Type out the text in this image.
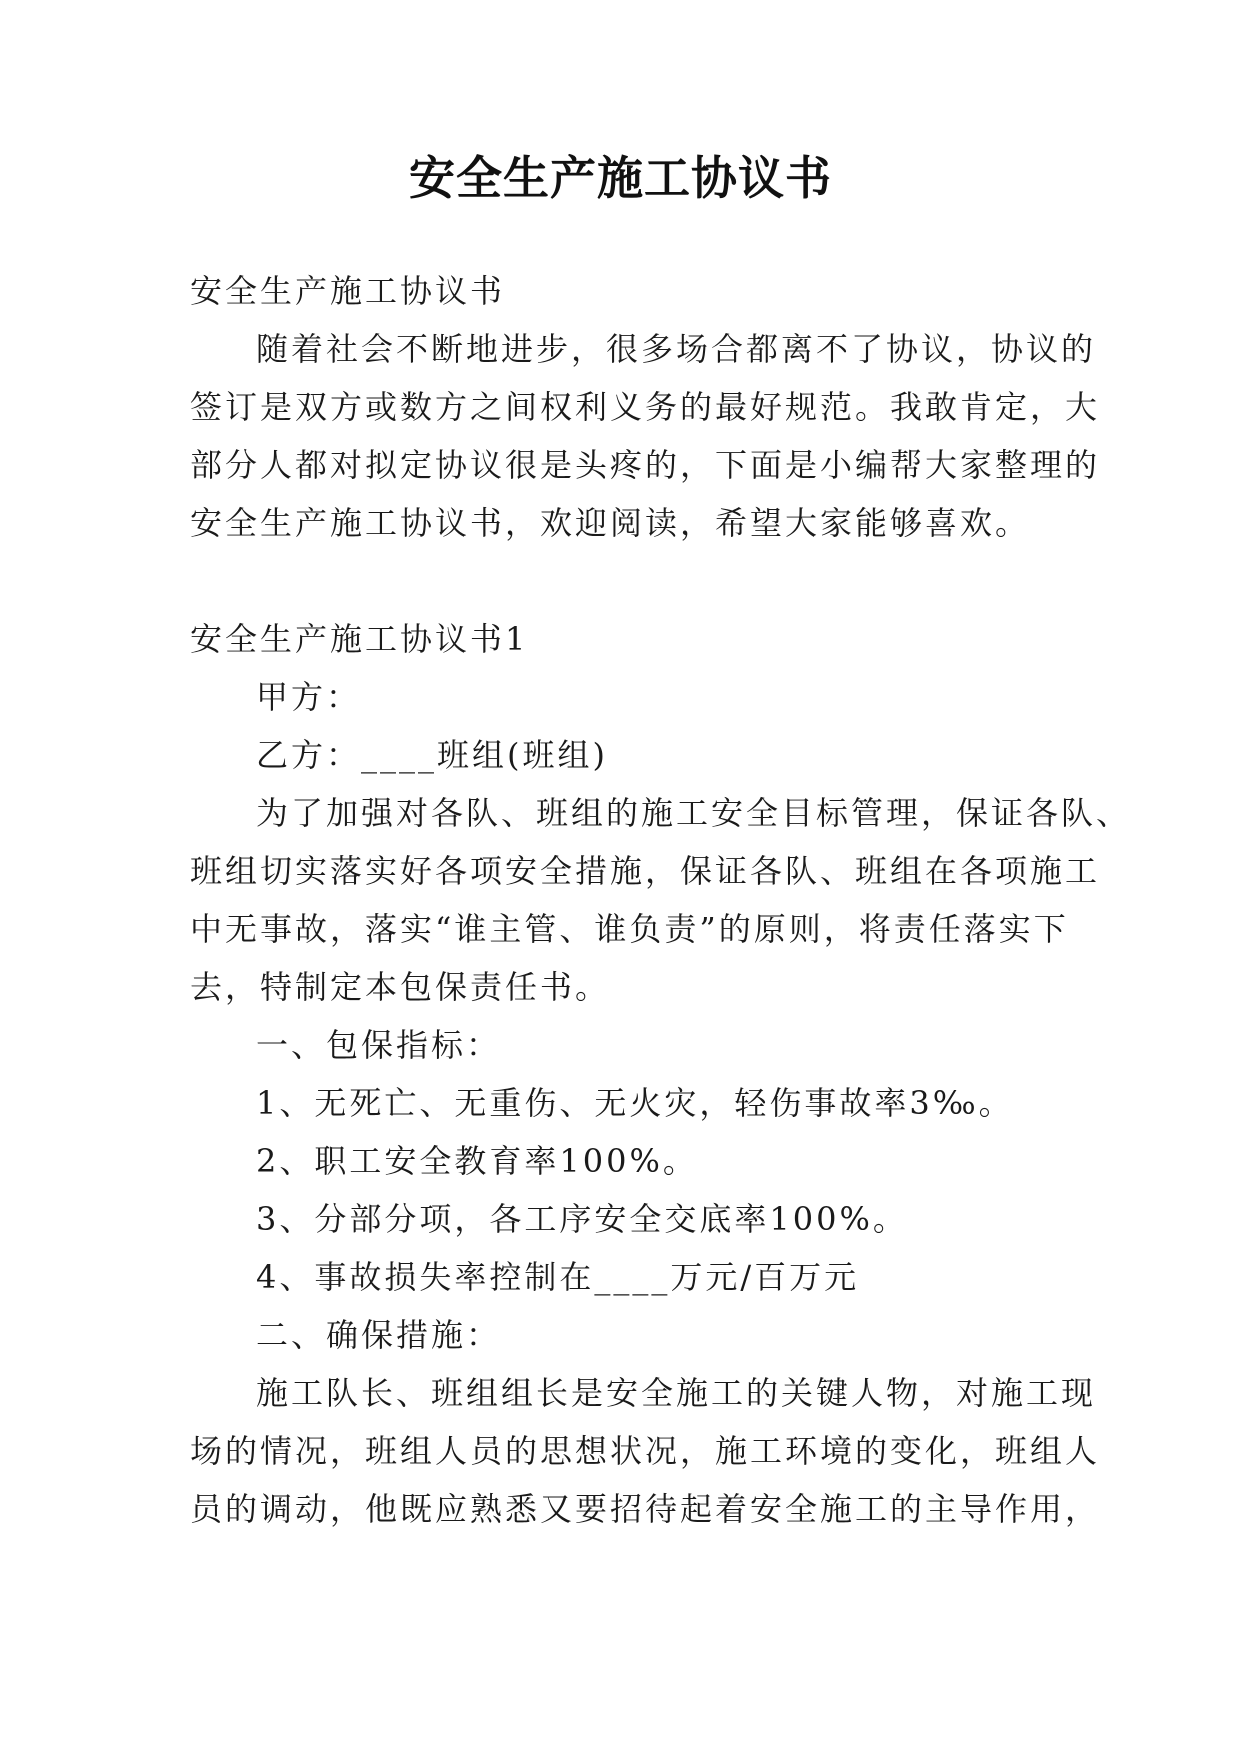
安全生产施工协议书
安全生产施工协议书
随着社会不断地进步，很多场合都离不了协议，协议的
签订是双方或数方之间权利义务的最好规范。我敢肯定，大
部分人都对拟定协议很是头疼的，下面是小编帮大家整理的
安全生产施工协议书，欢迎阅读，希望大家能够喜欢。
安全生产施工协议书1
甲方：
乙方：____班组(班组)
为了加强对各队、班组的施工安全目标管理，保证各队、
班组切实落实好各项安全措施，保证各队、班组在各项施工
中无事故，落实“谁主管、谁负责”的原则，将责任落实下
去，特制定本包保责任书。
一、包保指标：
1、无死亡、无重伤、无火灾，轻伤事故率3‰。
2、职工安全教育率100%。
3、分部分项，各工序安全交底率100%。
4、事故损失率控制在____万元/百万元
二、确保措施：
施工队长、班组组长是安全施工的关键人物，对施工现
场的情况，班组人员的思想状况，施工环境的变化，班组人
员的调动，他既应熟悉又要招待起着安全施工的主导作用，
